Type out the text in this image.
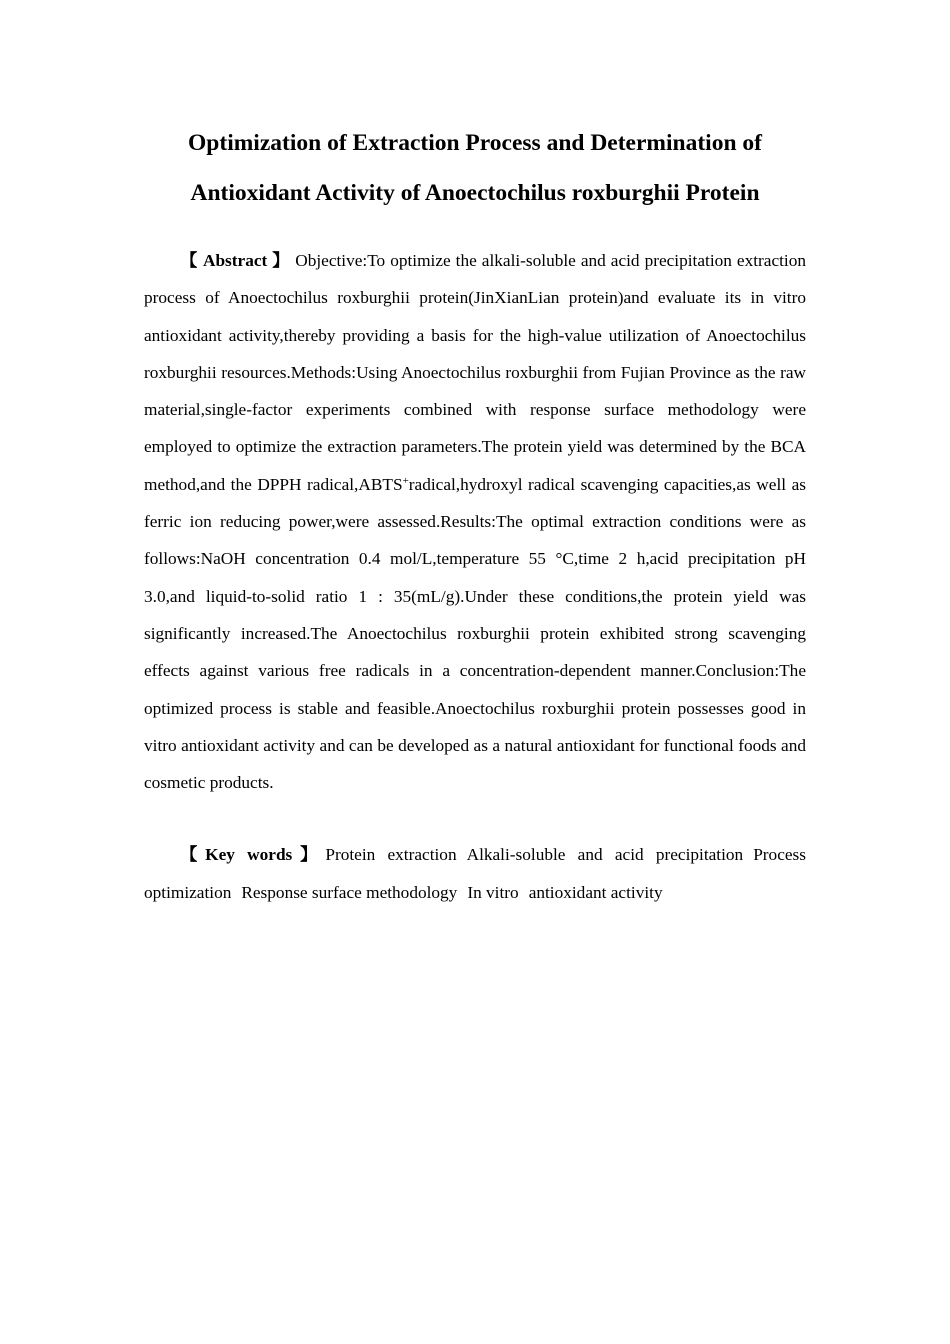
Optimization of Extraction Process and Determination of
Antioxidant Activity of Anoectochilus roxburghii Protein

【 Abstract 】 Objective:To optimize the alkali-soluble and acid precipitation extraction process of Anoectochilus roxburghii protein(JinXianLian protein)and evaluate its in vitro antioxidant activity,thereby providing a basis for the high-value utilization of Anoectochilus roxburghii resources.Methods:Using Anoectochilus roxburghii from Fujian Province as the raw material,single-factor experiments combined with response surface methodology were employed to optimize the extraction parameters.The protein yield was determined by the BCA method,and the DPPH radical,ABTS+radical,hydroxyl radical scavenging capacities,as well as ferric ion reducing power,were assessed.Results:The optimal extraction conditions were as follows:NaOH concentration 0.4 mol/L,temperature 55 °C,time 2 h,acid precipitation pH 3.0,and liquid-to-solid ratio 1 : 35(mL/g).Under these conditions,the protein yield was significantly increased.The Anoectochilus roxburghii protein exhibited strong scavenging effects against various free radicals in a concentration-dependent manner.Conclusion:The optimized process is stable and feasible.Anoectochilus roxburghii protein possesses good in vitro antioxidant activity and can be developed as a natural antioxidant for functional foods and cosmetic products.

【Key words】Protein extraction Alkali-soluble and acid precipitation Process optimization Response surface methodology In vitro antioxidant activity
